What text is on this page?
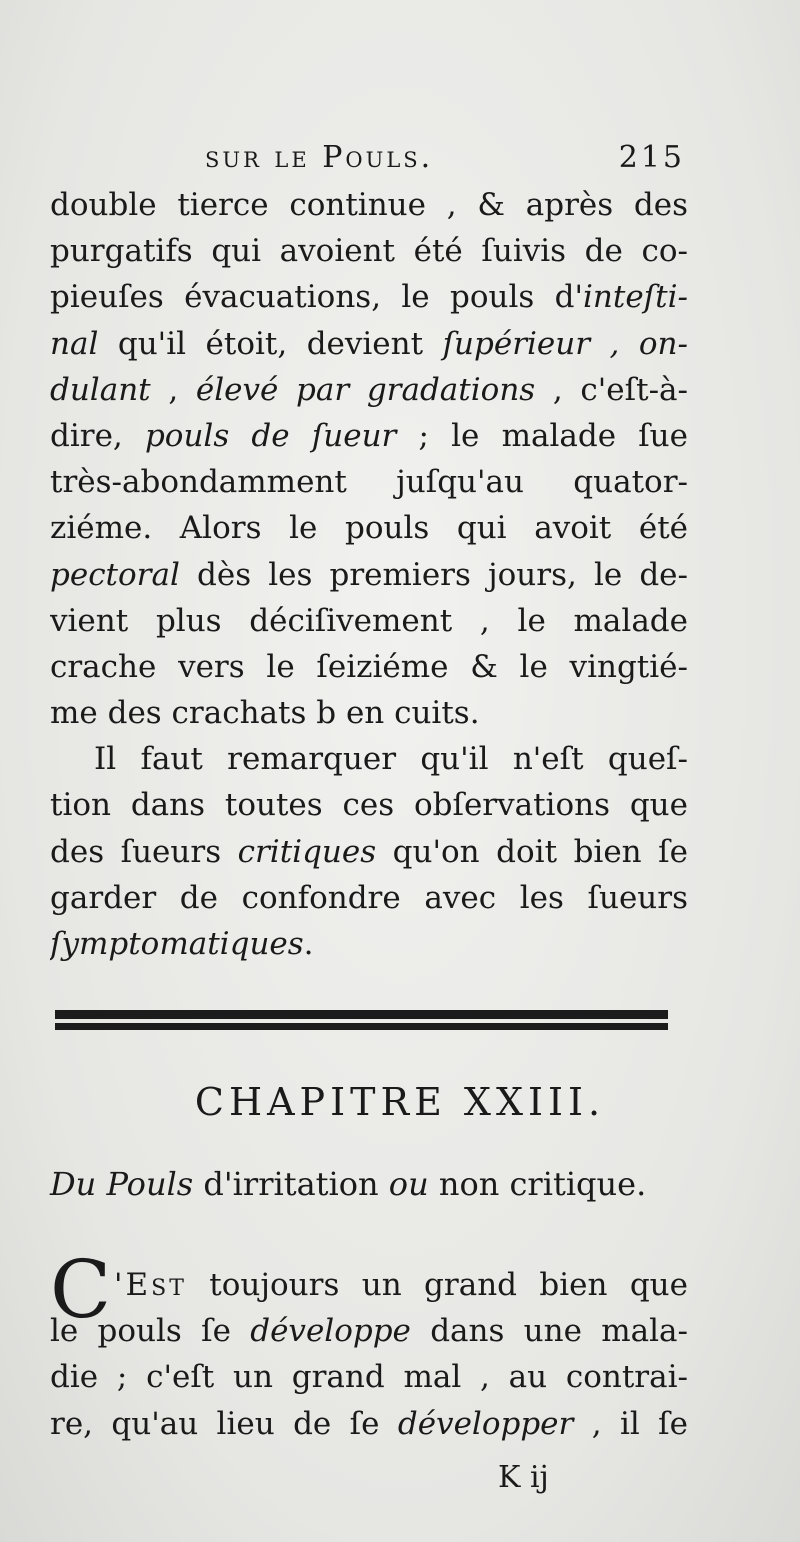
sur le Pouls.	215
double tierce continue , & après des
purgatifs qui avoient été ſuivis de co-
pieuſes évacuations, le pouls d'inteſti-
nal qu'il étoit, devient ſupérieur , on-
dulant , élevé par gradations , c'eſt-à-
dire, pouls de ſueur ; le malade ſue
très-abondamment juſqu'au quator-
ziéme. Alors le pouls qui avoit été
pectoral dès les premiers jours, le de-
vient plus déciſivement , le malade
crache vers le ſeiziéme & le vingtié-
me des crachats b en cuits.
Il faut remarquer qu'il n'eſt queſ-
tion dans toutes ces obſervations que
des ſueurs critiques qu'on doit bien ſe
garder de confondre avec les ſueurs
ſymptomatiques.
CHAPITRE XXIII.
Du Pouls d'irritation ou non critique.
C 'Est toujours un grand bien que
le pouls ſe développe dans une mala-
die ; c'eſt un grand mal , au contrai-
re, qu'au lieu de ſe développer , il ſe
K ij
